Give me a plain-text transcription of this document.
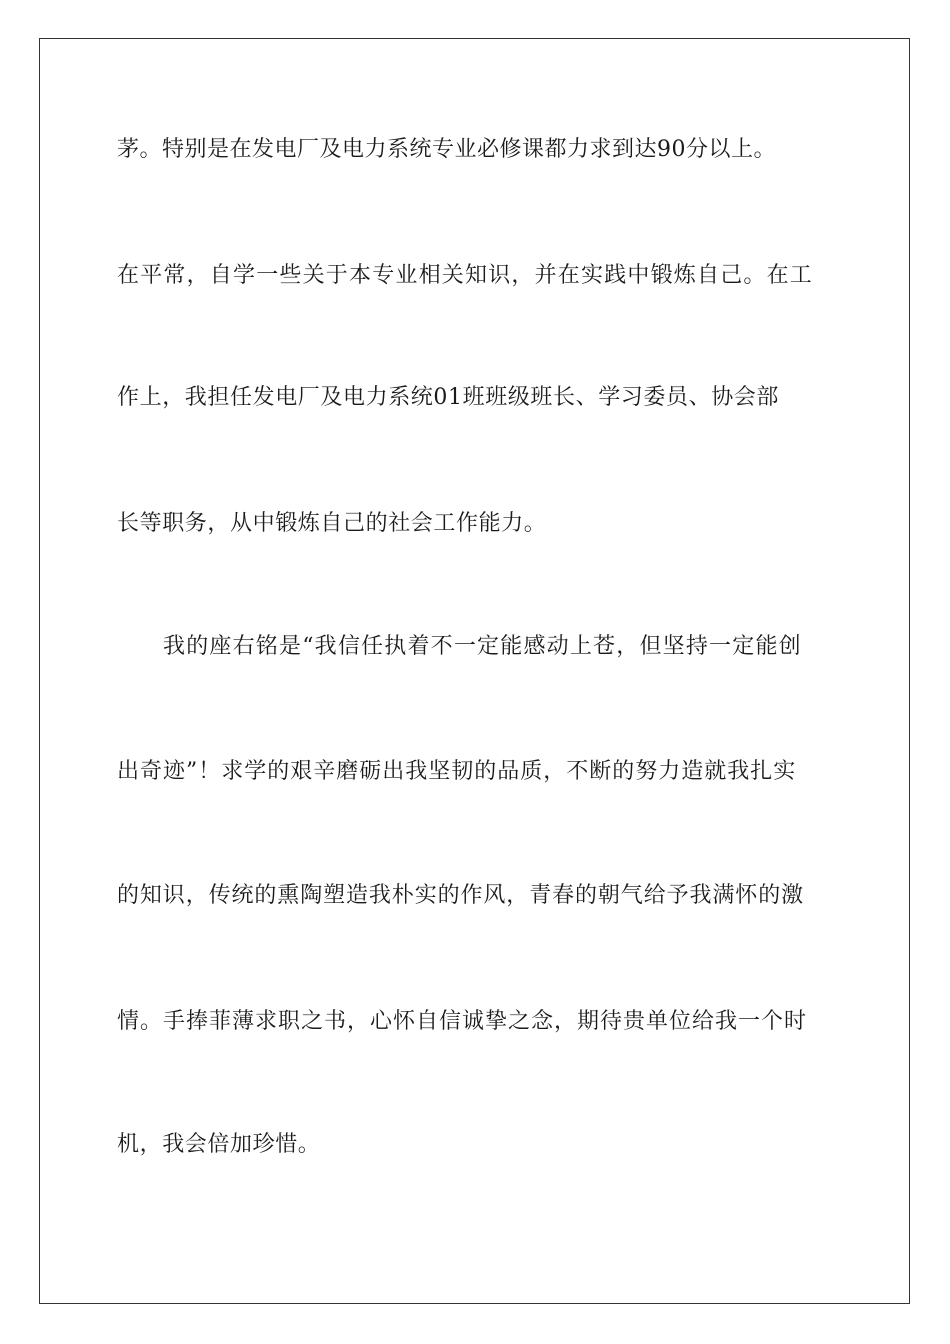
茅。特别是在发电厂及电力系统专业必修课都力求到达90分以上。
在平常，自学一些关于本专业相关知识，并在实践中锻炼自己。在工
作上，我担任发电厂及电力系统01班班级班长、学习委员、协会部
长等职务，从中锻炼自己的社会工作能力。
我的座右铭是“我信任执着不一定能感动上苍，但坚持一定能创
出奇迹”！求学的艰辛磨砺出我坚韧的品质，不断的努力造就我扎实
的知识，传统的熏陶塑造我朴实的作风，青春的朝气给予我满怀的激
情。手捧菲薄求职之书，心怀自信诚挚之念，期待贵单位给我一个时
机，我会倍加珍惜。
